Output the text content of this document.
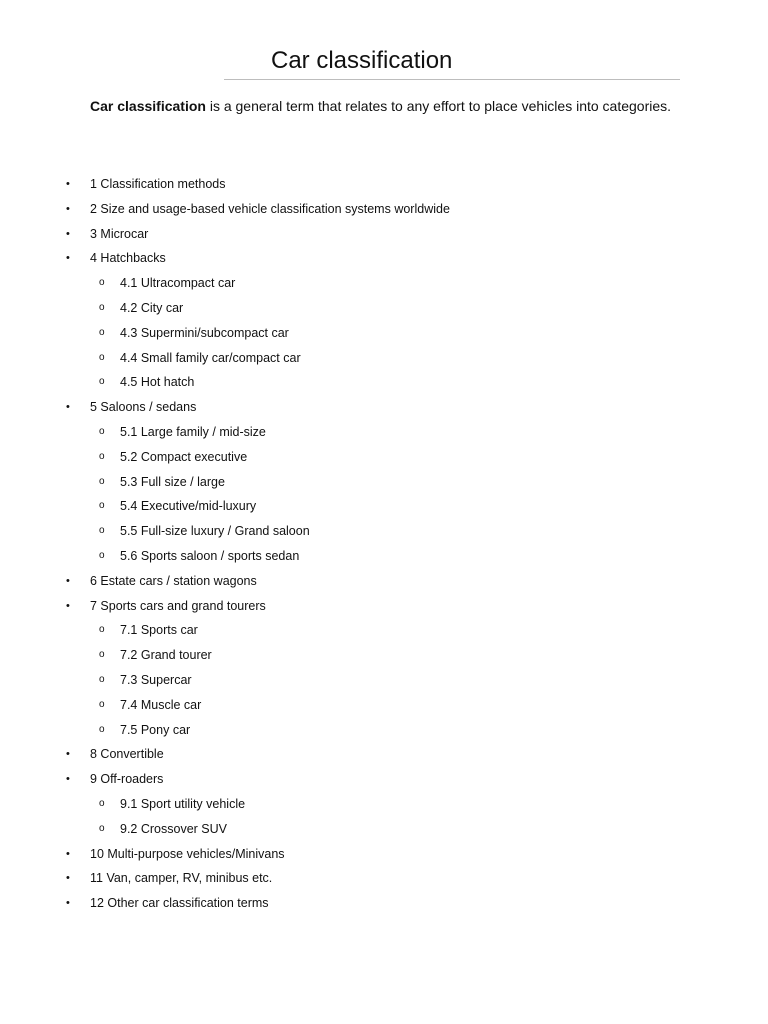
Car classification

Car classification is a general term that relates to any effort to place vehicles into categories.

• 1 Classification methods
• 2 Size and usage-based vehicle classification systems worldwide
• 3 Microcar
• 4 Hatchbacks
o 4.1 Ultracompact car
o 4.2 City car
o 4.3 Supermini/subcompact car
o 4.4 Small family car/compact car
o 4.5 Hot hatch
• 5 Saloons / sedans
o 5.1 Large family / mid-size
o 5.2 Compact executive
o 5.3 Full size / large
o 5.4 Executive/mid-luxury
o 5.5 Full-size luxury / Grand saloon
o 5.6 Sports saloon / sports sedan
• 6 Estate cars / station wagons
• 7 Sports cars and grand tourers
o 7.1 Sports car
o 7.2 Grand tourer
o 7.3 Supercar
o 7.4 Muscle car
o 7.5 Pony car
• 8 Convertible
• 9 Off-roaders
o 9.1 Sport utility vehicle
o 9.2 Crossover SUV
• 10 Multi-purpose vehicles/Minivans
• 11 Van, camper, RV, minibus etc.
• 12 Other car classification terms
